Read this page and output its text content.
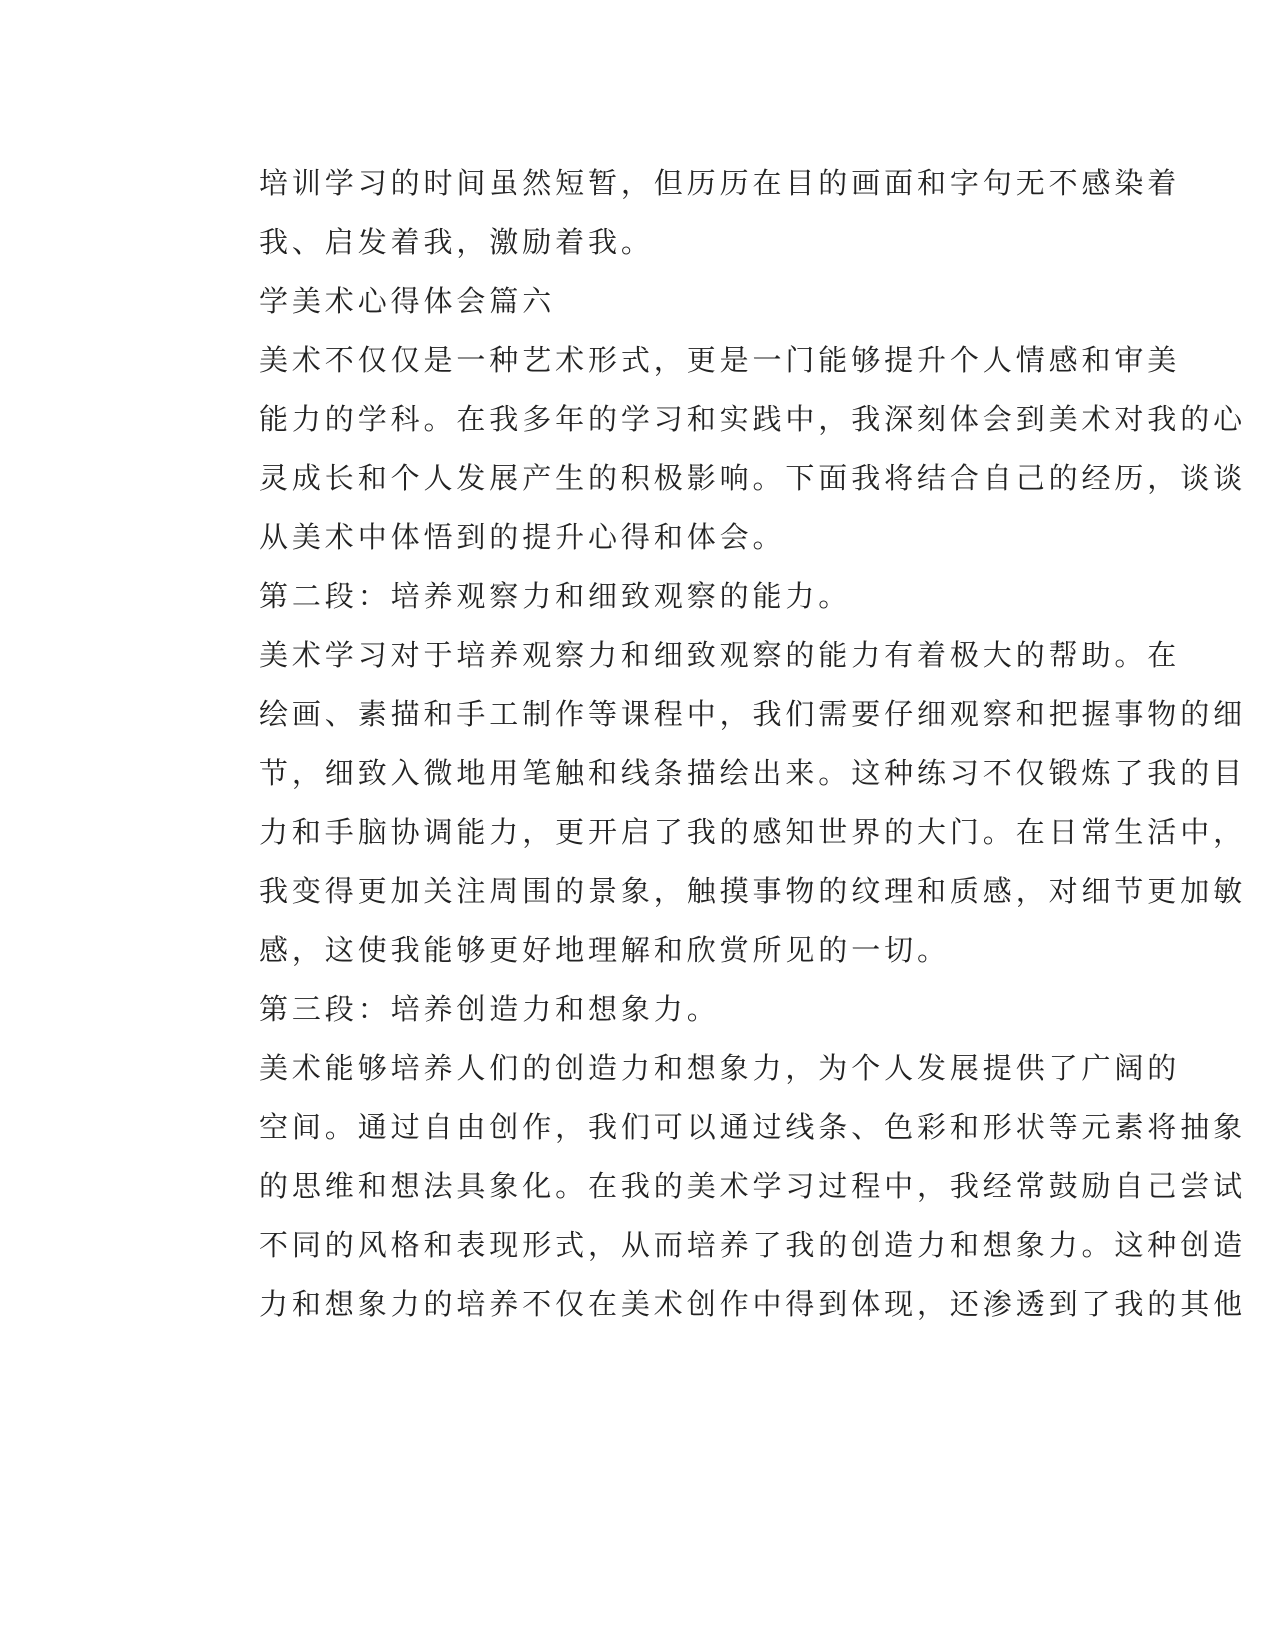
培训学习的时间虽然短暂，但历历在目的画面和字句无不感染着
我、启发着我，激励着我。

学美术心得体会篇六

美术不仅仅是一种艺术形式，更是一门能够提升个人情感和审美
能力的学科。在我多年的学习和实践中，我深刻体会到美术对我的心
灵成长和个人发展产生的积极影响。下面我将结合自己的经历，谈谈
从美术中体悟到的提升心得和体会。

第二段：培养观察力和细致观察的能力。

美术学习对于培养观察力和细致观察的能力有着极大的帮助。在
绘画、素描和手工制作等课程中，我们需要仔细观察和把握事物的细
节，细致入微地用笔触和线条描绘出来。这种练习不仅锻炼了我的目
力和手脑协调能力，更开启了我的感知世界的大门。在日常生活中，
我变得更加关注周围的景象，触摸事物的纹理和质感，对细节更加敏
感，这使我能够更好地理解和欣赏所见的一切。

第三段：培养创造力和想象力。

美术能够培养人们的创造力和想象力，为个人发展提供了广阔的
空间。通过自由创作，我们可以通过线条、色彩和形状等元素将抽象
的思维和想法具象化。在我的美术学习过程中，我经常鼓励自己尝试
不同的风格和表现形式，从而培养了我的创造力和想象力。这种创造
力和想象力的培养不仅在美术创作中得到体现，还渗透到了我的其他
